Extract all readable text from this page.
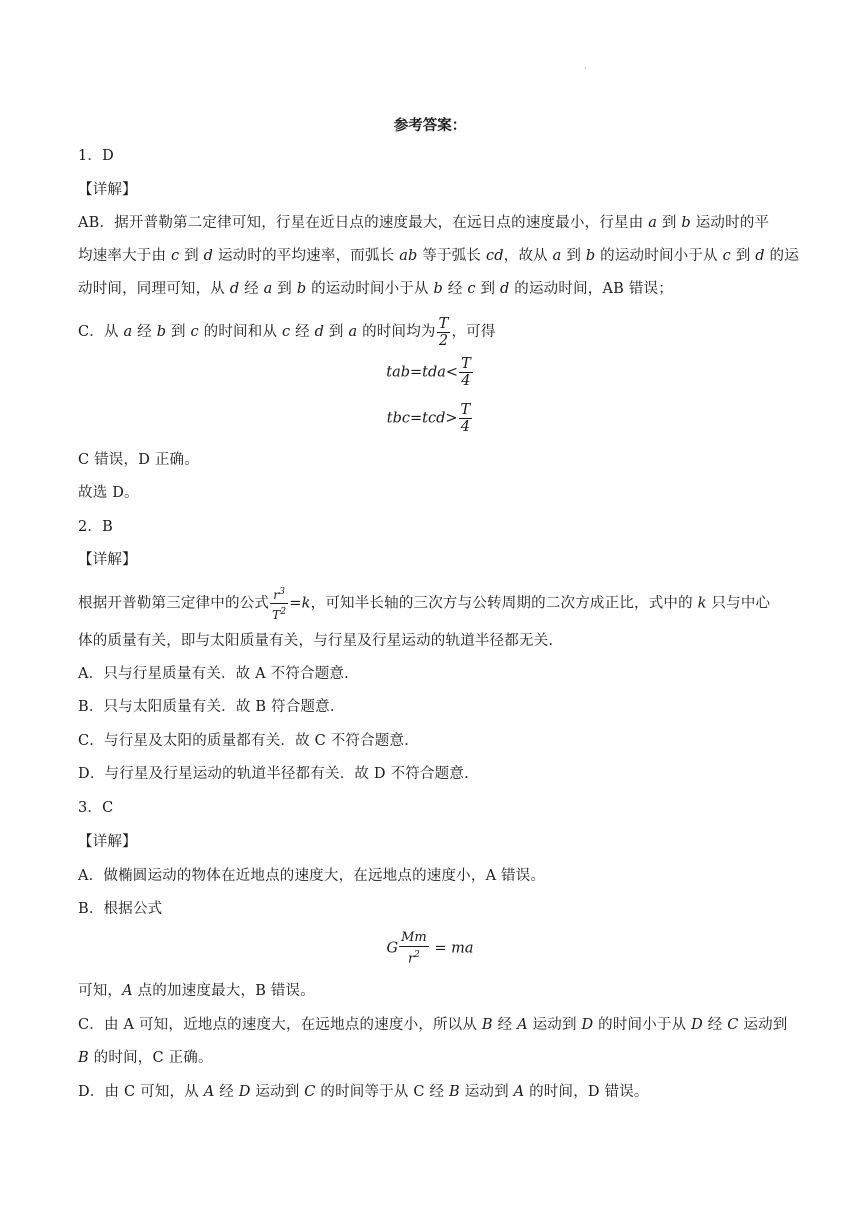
·
参考答案：
1．D
【详解】
AB．据开普勒第二定律可知，行星在近日点的速度最大，在远日点的速度最小，行星由 a 到 b 运动时的平
均速率大于由 c 到 d 运动时的平均速率，而弧长 ab 等于弧长 cd，故从 a 到 b 的运动时间小于从 c 到 d 的运
动时间，同理可知，从 d 经 a 到 b 的运动时间小于从 b 经 c 到 d 的运动时间，AB 错误；
C．从 a 经 b 到 c 的时间和从 c 经 d 到 a 的时间均为 $\frac{T}{2}$ ，可得
$tab=tda< \frac{T}{4}$
$tbc=tcd> \frac{T}{4}$
C 错误，D 正确。
故选 D。
2．B
【详解】
根据开普勒第三定律中的公式 $\frac{r^3}{T^2} =k$，可知半长轴的三次方与公转周期的二次方成正比，式中的 k 只与中心
体的质量有关，即与太阳质量有关，与行星及行星运动的轨道半径都无关.
A．只与行星质量有关．故 A 不符合题意.
B．只与太阳质量有关．故 B 符合题意.
C．与行星及太阳的质量都有关．故 C 不符合题意.
D．与行星及行星运动的轨道半径都有关．故 D 不符合题意.
3．C
【详解】
A．做椭圆运动的物体在近地点的速度大，在远地点的速度小，A 错误。
B．根据公式
G $\frac{Mm}{r^2}$ = ma
可知，A 点的加速度最大，B 错误。
C．由 A 可知，近地点的速度大，在远地点的速度小，所以从 B 经 A 运动到 D 的时间小于从 D 经 C 运动到
B 的时间，C 正确。
D．由 C 可知，从 A 经 D 运动到 C 的时间等于从 C 经 B 运动到 A 的时间，D 错误。
